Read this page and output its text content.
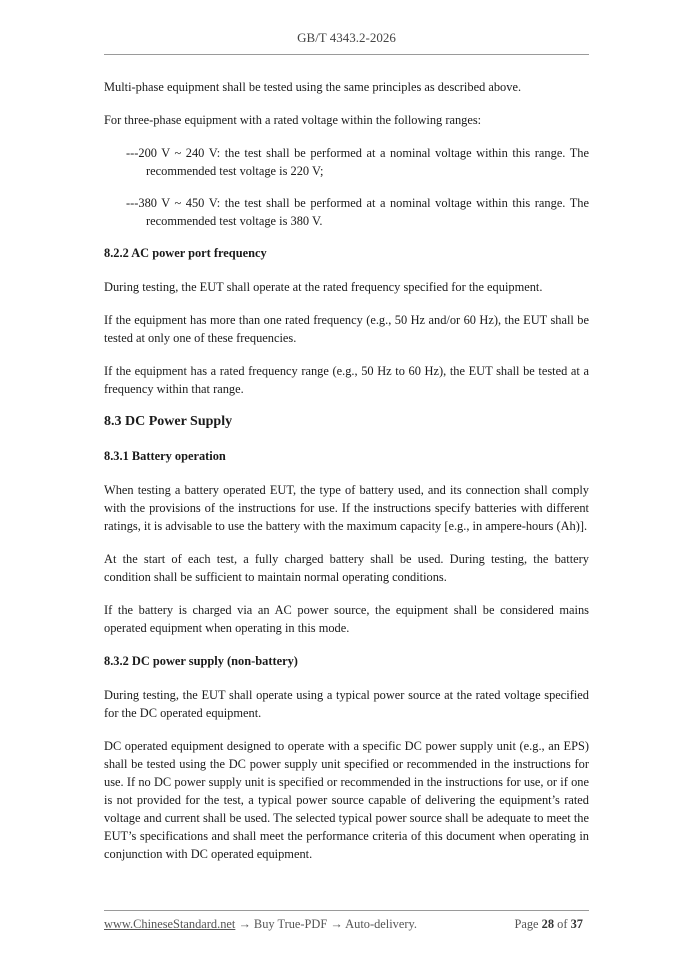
GB/T 4343.2-2026

Multi-phase equipment shall be tested using the same principles as described above.

For three-phase equipment with a rated voltage within the following ranges:

---200 V ~ 240 V: the test shall be performed at a nominal voltage within this range. The recommended test voltage is 220 V;

---380 V ~ 450 V: the test shall be performed at a nominal voltage within this range. The recommended test voltage is 380 V.

8.2.2 AC power port frequency

During testing, the EUT shall operate at the rated frequency specified for the equipment.

If the equipment has more than one rated frequency (e.g., 50 Hz and/or 60 Hz), the EUT shall be tested at only one of these frequencies.

If the equipment has a rated frequency range (e.g., 50 Hz to 60 Hz), the EUT shall be tested at a frequency within that range.

8.3 DC Power Supply
8.3.1 Battery operation

When testing a battery operated EUT, the type of battery used, and its connection shall comply with the provisions of the instructions for use. If the instructions specify batteries with different ratings, it is advisable to use the battery with the maximum capacity [e.g., in ampere-hours (Ah)].

At the start of each test, a fully charged battery shall be used. During testing, the battery condition shall be sufficient to maintain normal operating conditions.

If the battery is charged via an AC power source, the equipment shall be considered mains operated equipment when operating in this mode.

8.3.2 DC power supply (non-battery)

During testing, the EUT shall operate using a typical power source at the rated voltage specified for the DC operated equipment.

DC operated equipment designed to operate with a specific DC power supply unit (e.g., an EPS) shall be tested using the DC power supply unit specified or recommended in the instructions for use. If no DC power supply unit is specified or recommended in the instructions for use, or if one is not provided for the test, a typical power source capable of delivering the equipment’s rated voltage and current shall be used. The selected typical power source shall be adequate to meet the EUT’s specifications and shall meet the performance criteria of this document when operating in conjunction with DC operated equipment.

www.ChineseStandard.net → Buy True-PDF → Auto-delivery.	Page 28 of 37
